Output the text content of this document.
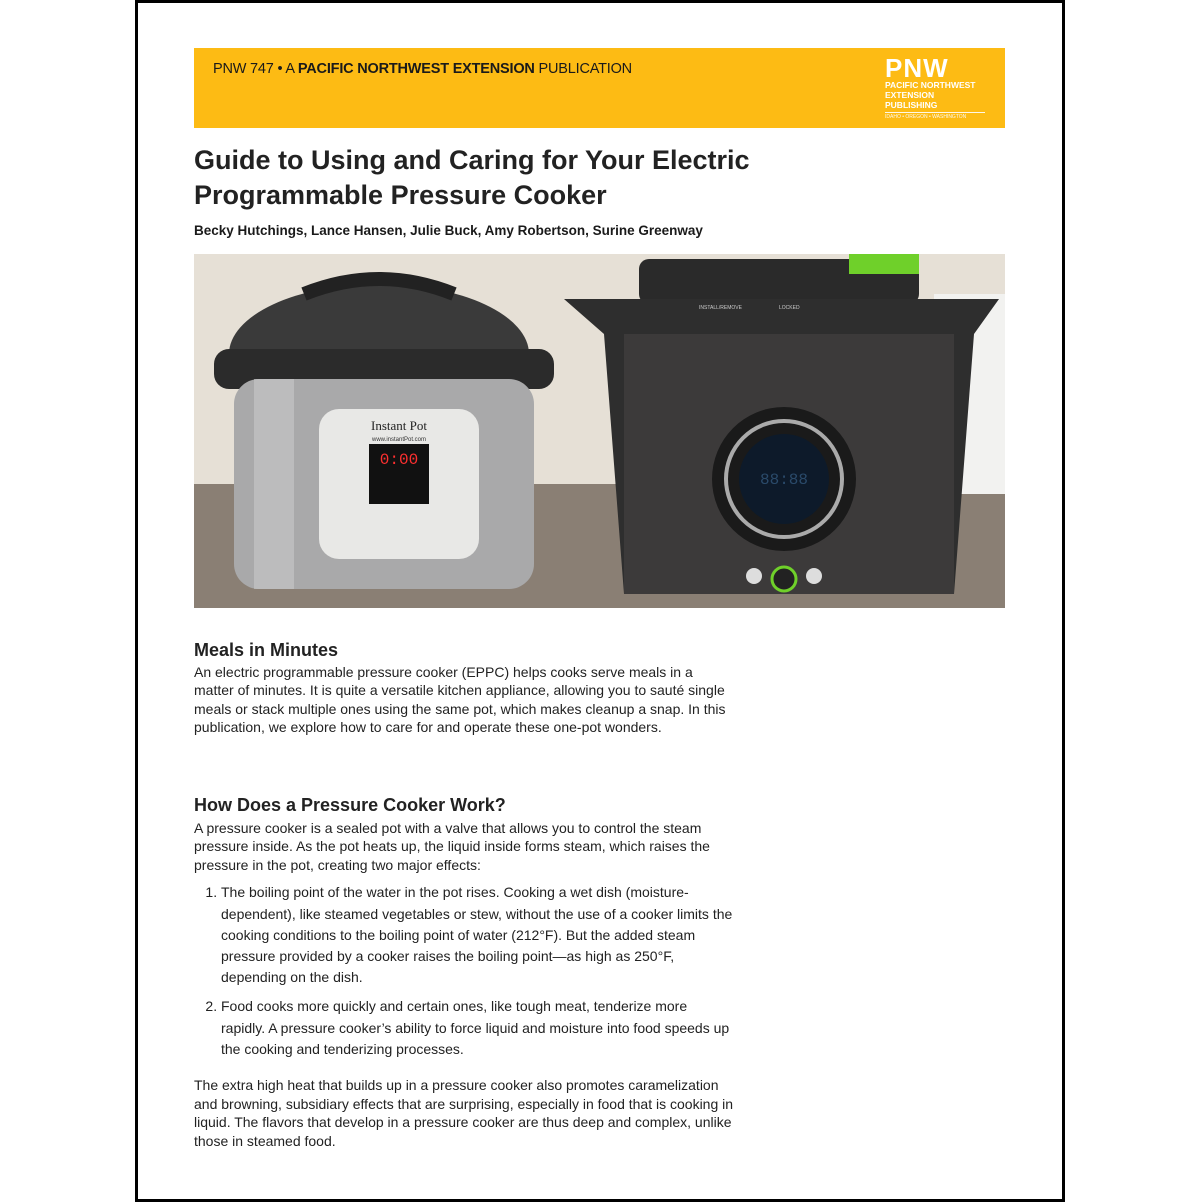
PNW 747 • A PACIFIC NORTHWEST EXTENSION PUBLICATION	PNW
PACIFIC NORTHWEST
EXTENSION PUBLISHING
IDAHO • OREGON • WASHINGTON
Guide to Using and Caring for Your Electric Programmable Pressure Cooker
Becky Hutchings, Lance Hansen, Julie Buck, Amy Robertson, Surine Greenway
Instant Pot
www.instantPot.com
0:00
INSTALL/REMOVE	LOCKED
88:88
Meals in Minutes

An electric programmable pressure cooker (EPPC) helps cooks serve meals in a matter of minutes. It is quite a versatile kitchen appliance, allowing you to sauté single meals or stack multiple ones using the same pot, which makes cleanup a snap. In this publication, we explore how to care for and operate these one-pot wonders.

How Does a Pressure Cooker Work?

A pressure cooker is a sealed pot with a valve that allows you to control the steam pressure inside. As the pot heats up, the liquid inside forms steam, which raises the pressure in the pot, creating two major effects:

1. The boiling point of the water in the pot rises. Cooking a wet dish (moisture-dependent), like steamed vegetables or stew, without the use of a cooker limits the cooking conditions to the boiling point of water (212°F). But the added steam pressure provided by a cooker raises the boiling point—as high as 250°F, depending on the dish.
2. Food cooks more quickly and certain ones, like tough meat, tenderize more rapidly. A pressure cooker’s ability to force liquid and moisture into food speeds up the cooking and tenderizing processes.

The extra high heat that builds up in a pressure cooker also promotes caramelization and browning, subsidiary effects that are surprising, especially in food that is cooking in liquid. The flavors that develop in a pressure cooker are thus deep and complex, unlike those in steamed food.
